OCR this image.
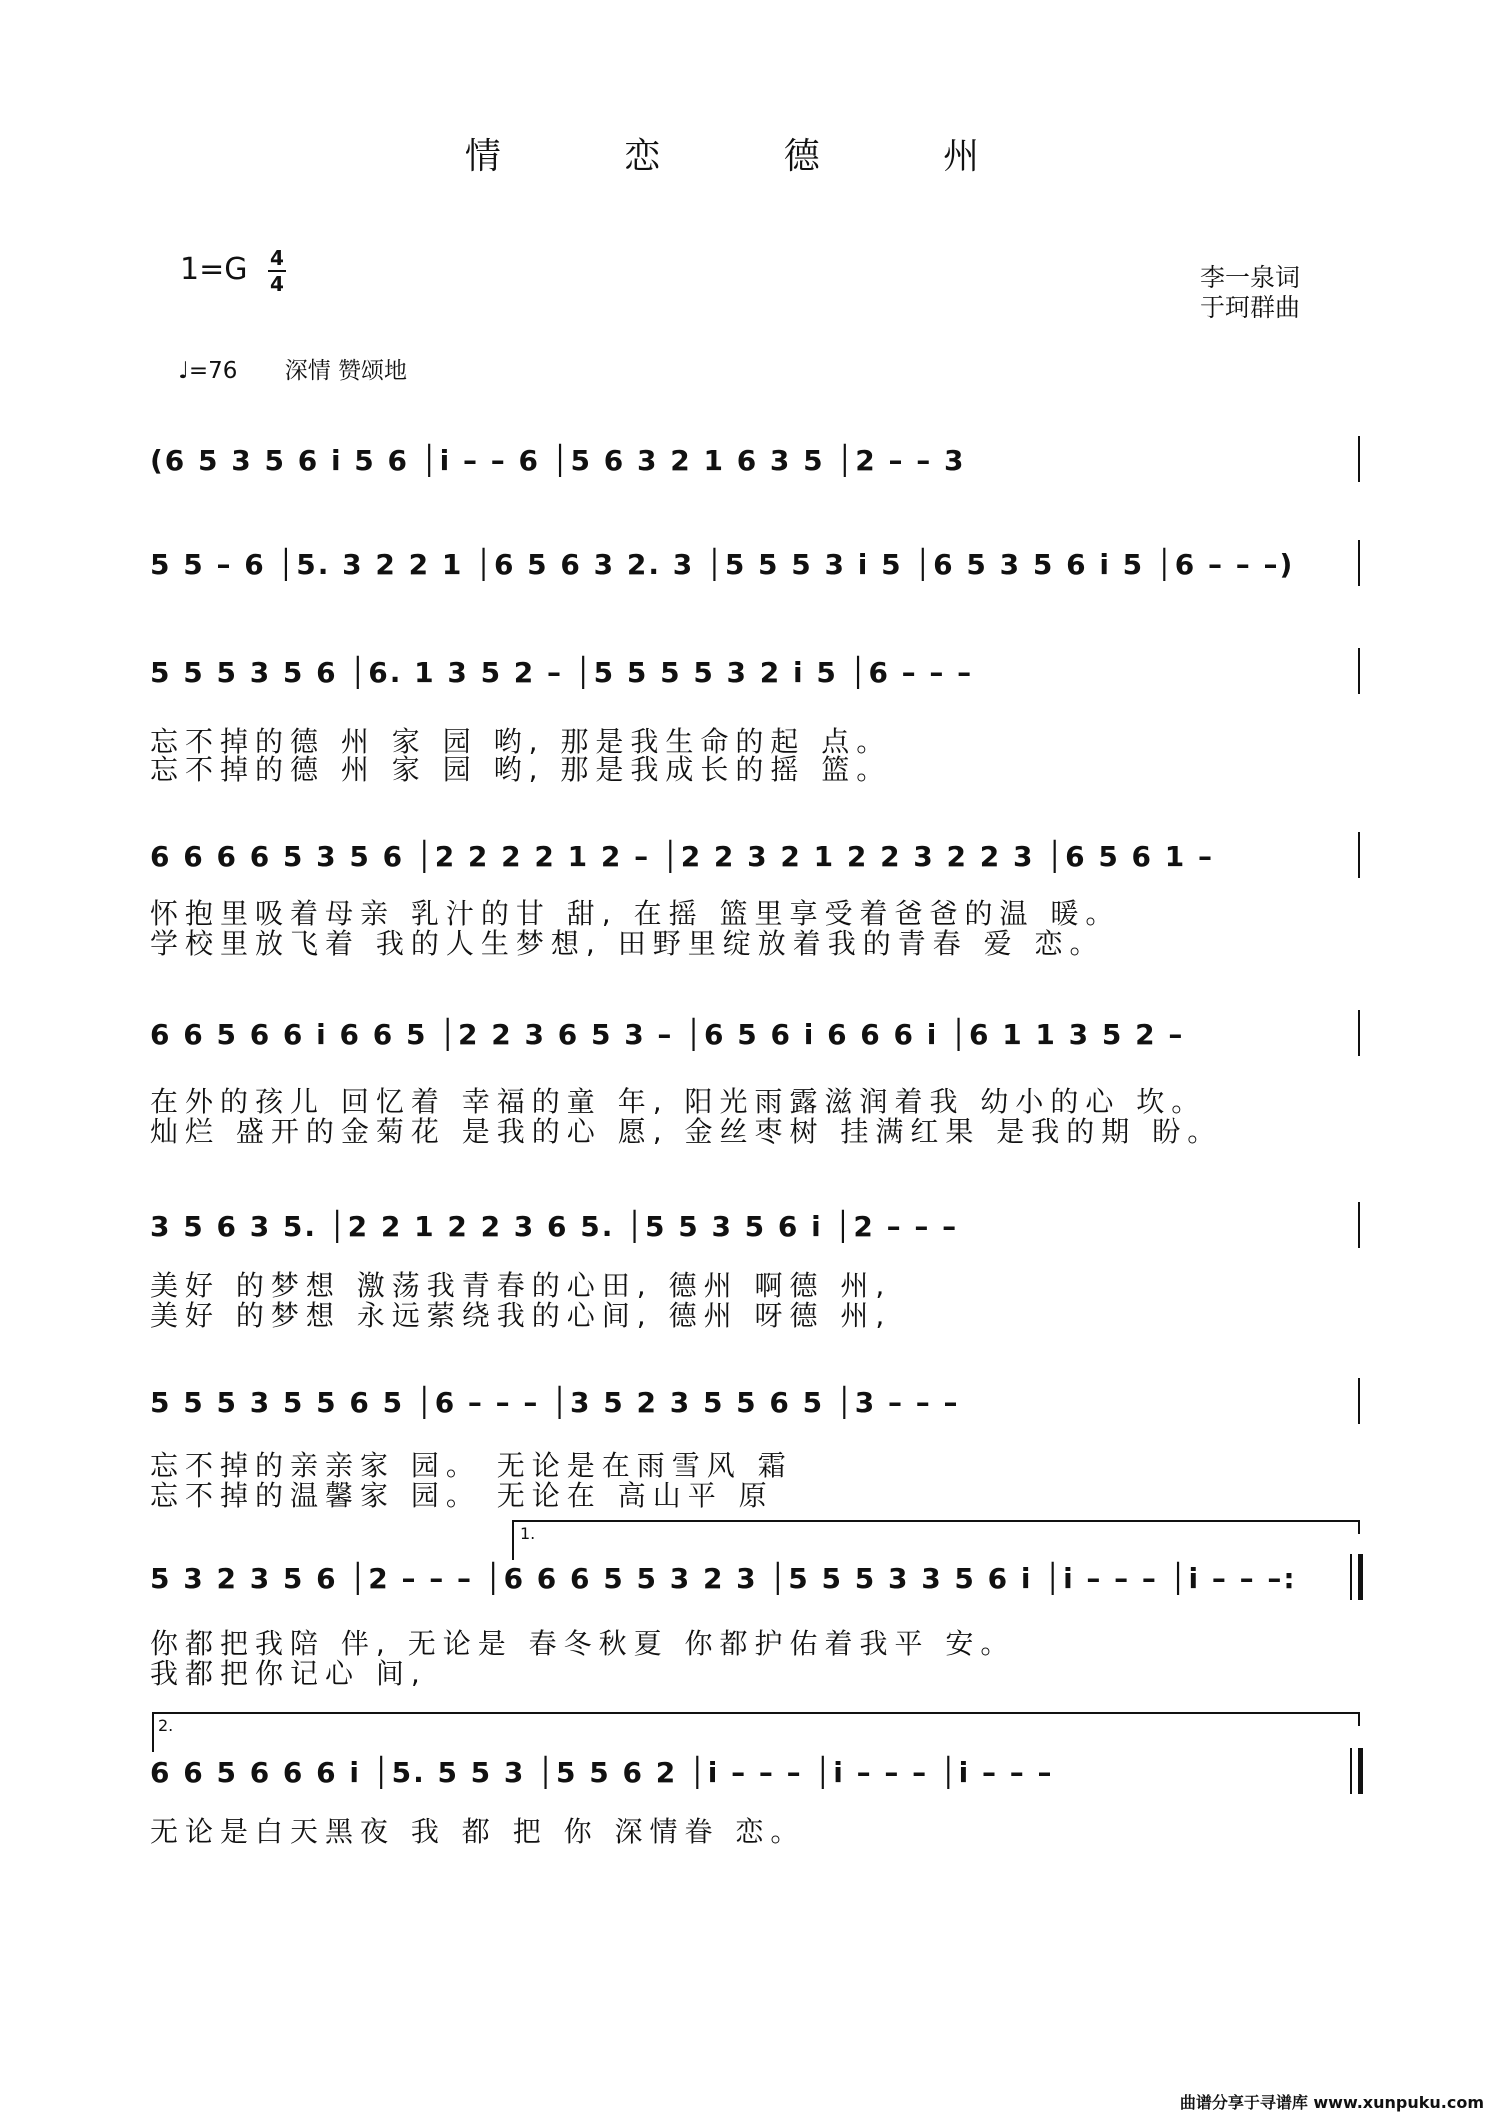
情 恋 德 州
1=G 4
4	李一泉词
于珂群曲
♩=76 深情 赞颂地
(6 5 3 5 6 i 5 6 │i – – 6 │5 6 3 2 1 6 3 5 │2 – – 3
5 5 – 6 │5. 3 2 2 1 │6 5 6 3 2. 3 │5 5 5 3 i 5 │6 5 3 5 6 i 5 │6 – – –)
5 5 5 3 5 6 │6. 1 3 5 2 – │5 5 5 5 3 2 i 5 │6 – – –
忘不掉的德 州 家 园 哟, 那是我生命的起 点。
忘不掉的德 州 家 园 哟, 那是我成长的摇 篮。
6 6 6 6 5 3 5 6 │2 2 2 2 1 2 – │2 2 3 2 1 2 2 3 2 2 3 │6 5 6 1 –
怀抱里吸着母亲 乳汁的甘 甜, 在摇 篮里享受着爸爸的温 暖。
学校里放飞着 我的人生梦想, 田野里绽放着我的青春 爱 恋。
6 6 5 6 6 i 6 6 5 │2 2 3 6 5 3 – │6 5 6 i 6 6 6 i │6 1 1 3 5 2 –
在外的孩儿 回忆着 幸福的童 年, 阳光雨露滋润着我 幼小的心 坎。
灿烂 盛开的金菊花 是我的心 愿, 金丝枣树 挂满红果 是我的期 盼。
3 5 6 3 5. │2 2 1 2 2 3 6 5. │5 5 3 5 6 i │2 – – –
美好 的梦想 激荡我青春的心田, 德州 啊德 州,
美好 的梦想 永远萦绕我的心间, 德州 呀德 州,
5 5 5 3 5 5 6 5 │6 – – – │3 5 2 3 5 5 6 5 │3 – – –
忘不掉的亲亲家 园。 无论是在雨雪风 霜
忘不掉的温馨家 园。 无论在 高山平 原
1.
5 3 2 3 5 6 │2 – – – │6 6 6 5 5 3 2 3 │5 5 5 3 3 5 6 i │i – – – │i – – –:
你都把我陪 伴, 无论是 春冬秋夏 你都护佑着我平 安。
我都把你记心 间,
2.
6 6 5 6 6 6 i │5. 5 5 3 │5 5 6 2 │i – – – │i – – – │i – – –
无论是白天黑夜 我 都 把 你 深情眷 恋。
曲谱分享于寻谱库 www.xunpuku.com
